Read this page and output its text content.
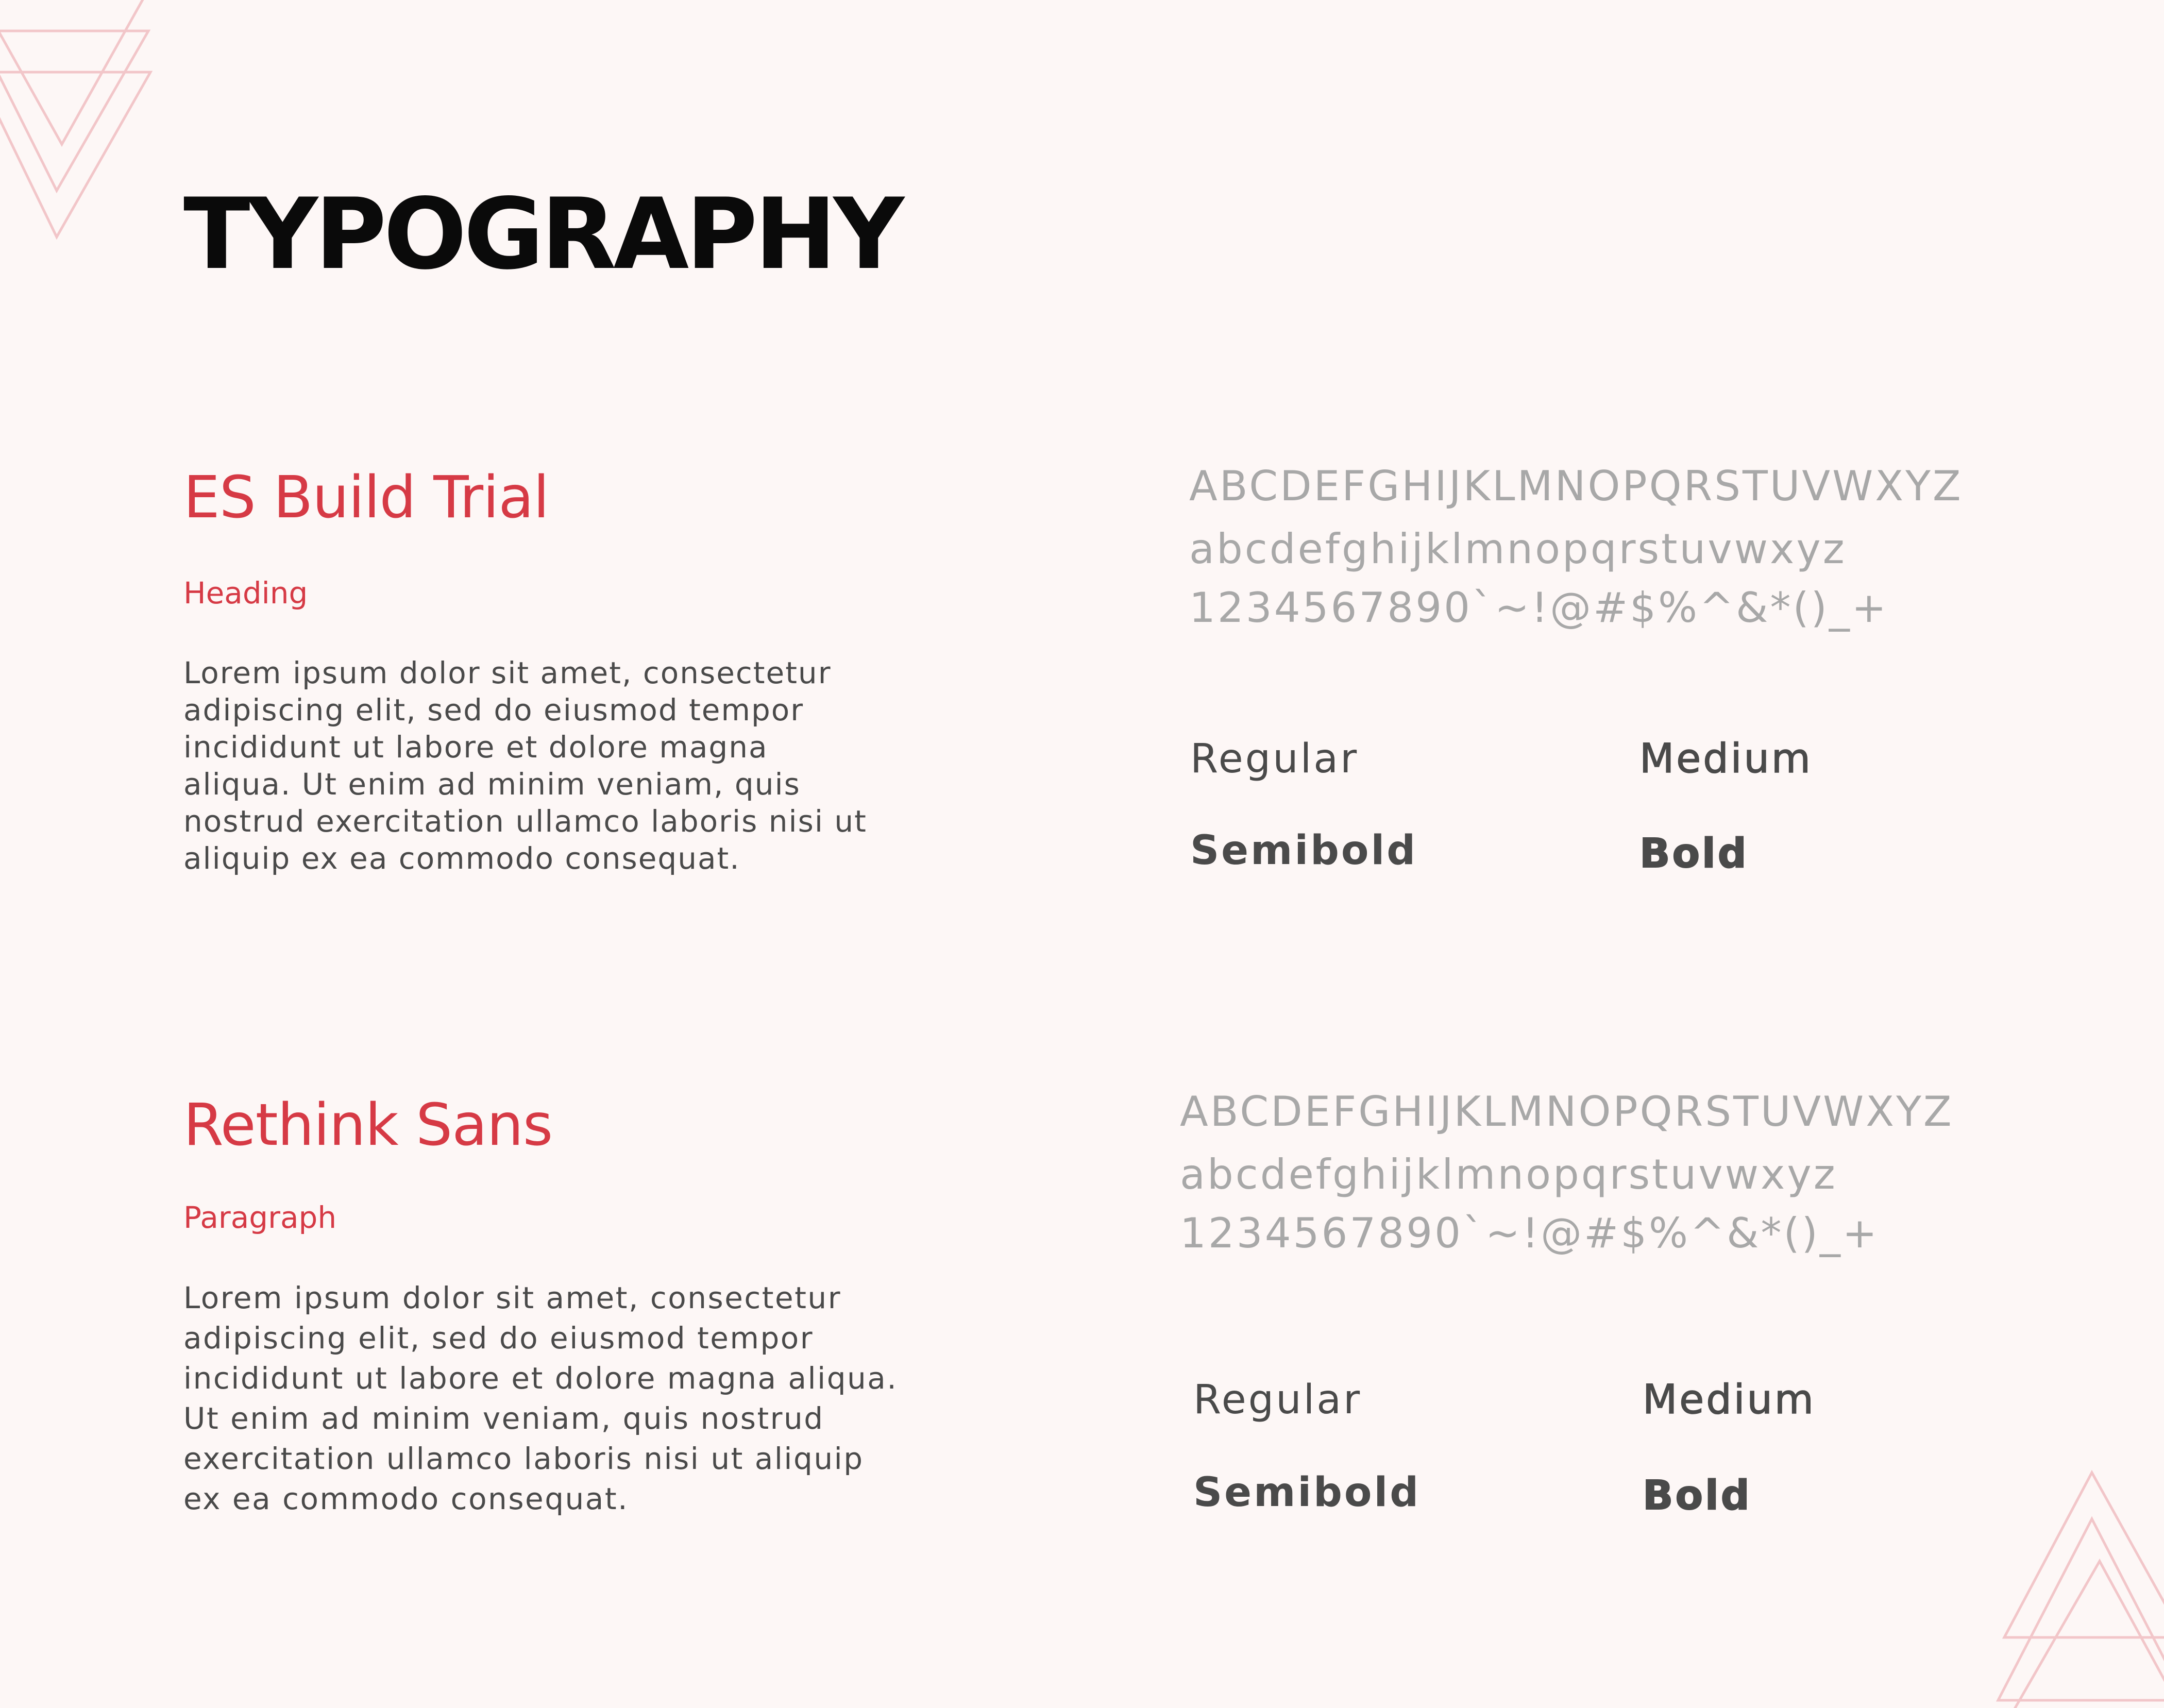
TYPOGRAPHY
ES Build Trial

Heading

Lorem ipsum dolor sit amet, consectetur
adipiscing elit, sed do eiusmod tempor
incididunt ut labore et dolore magna
aliqua. Ut enim ad minim veniam, quis
nostrud exercitation ullamco laboris nisi ut
aliquip ex ea commodo consequat.

ABCDEFGHIJKLMNOPQRSTUVWXYZ

abcdefghijklmnopqrstuvwxyz

1234567890`~!@#$%^&*()_+

Regular	Medium

Semibold	Bold

Rethink Sans

Paragraph

Lorem ipsum dolor sit amet, consectetur
adipiscing elit, sed do eiusmod tempor
incididunt ut labore et dolore magna aliqua.
Ut enim ad minim veniam, quis nostrud
exercitation ullamco laboris nisi ut aliquip
ex ea commodo consequat.

ABCDEFGHIJKLMNOPQRSTUVWXYZ

abcdefghijklmnopqrstuvwxyz

1234567890`~!@#$%^&*()_+

Regular	Medium

Semibold	Bold
